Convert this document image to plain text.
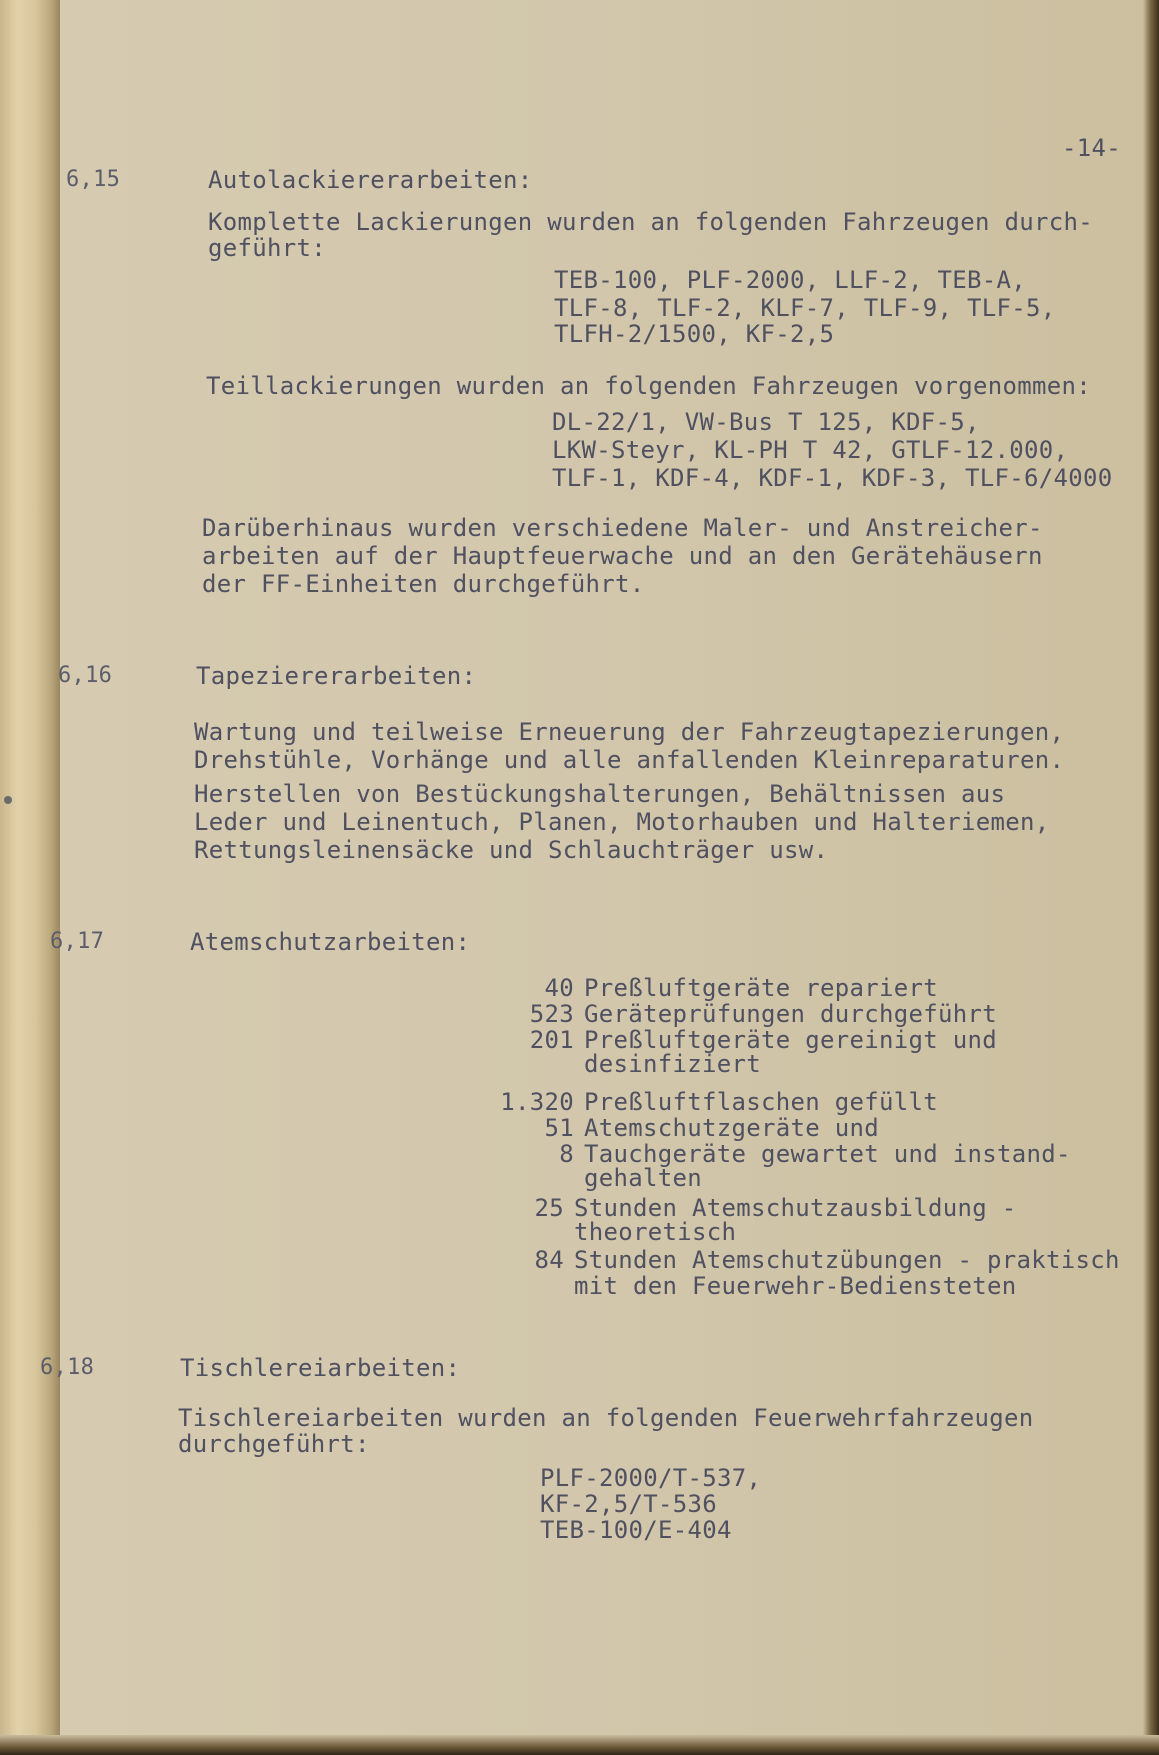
-14-
6,15	Autolackiererarbeiten:
Komplette Lackierungen wurden an folgenden Fahrzeugen durch-
geführt:
TEB-100, PLF-2000, LLF-2, TEB-A,
TLF-8, TLF-2, KLF-7, TLF-9, TLF-5,
TLFH-2/1500, KF-2,5
Teillackierungen wurden an folgenden Fahrzeugen vorgenommen:
DL-22/1, VW-Bus T 125, KDF-5,
LKW-Steyr, KL-PH T 42, GTLF-12.000,
TLF-1, KDF-4, KDF-1, KDF-3, TLF-6/4000
Darüberhinaus wurden verschiedene Maler- und Anstreicher-
arbeiten auf der Hauptfeuerwache und an den Gerätehäusern
der FF-Einheiten durchgeführt.
6,16	Tapeziererarbeiten:
Wartung und teilweise Erneuerung der Fahrzeugtapezierungen,
Drehstühle, Vorhänge und alle anfallenden Kleinreparaturen.
Herstellen von Bestückungshalterungen, Behältnissen aus
Leder und Leinentuch, Planen, Motorhauben und Halteriemen,
Rettungsleinensäcke und Schlauchträger usw.
6,17	Atemschutzarbeiten:
40 Preßluftgeräte repariert
523 Geräteprüfungen durchgeführt
201 Preßluftgeräte gereinigt und
desinfiziert
1.320 Preßluftflaschen gefüllt
51 Atemschutzgeräte und
8 Tauchgeräte gewartet und instand-
gehalten
25 Stunden Atemschutzausbildung -
theoretisch
84 Stunden Atemschutzübungen - praktisch
mit den Feuerwehr-Bediensteten
6,18	Tischlereiarbeiten:
Tischlereiarbeiten wurden an folgenden Feuerwehrfahrzeugen
durchgeführt:
PLF-2000/T-537,
KF-2,5/T-536
TEB-100/E-404
